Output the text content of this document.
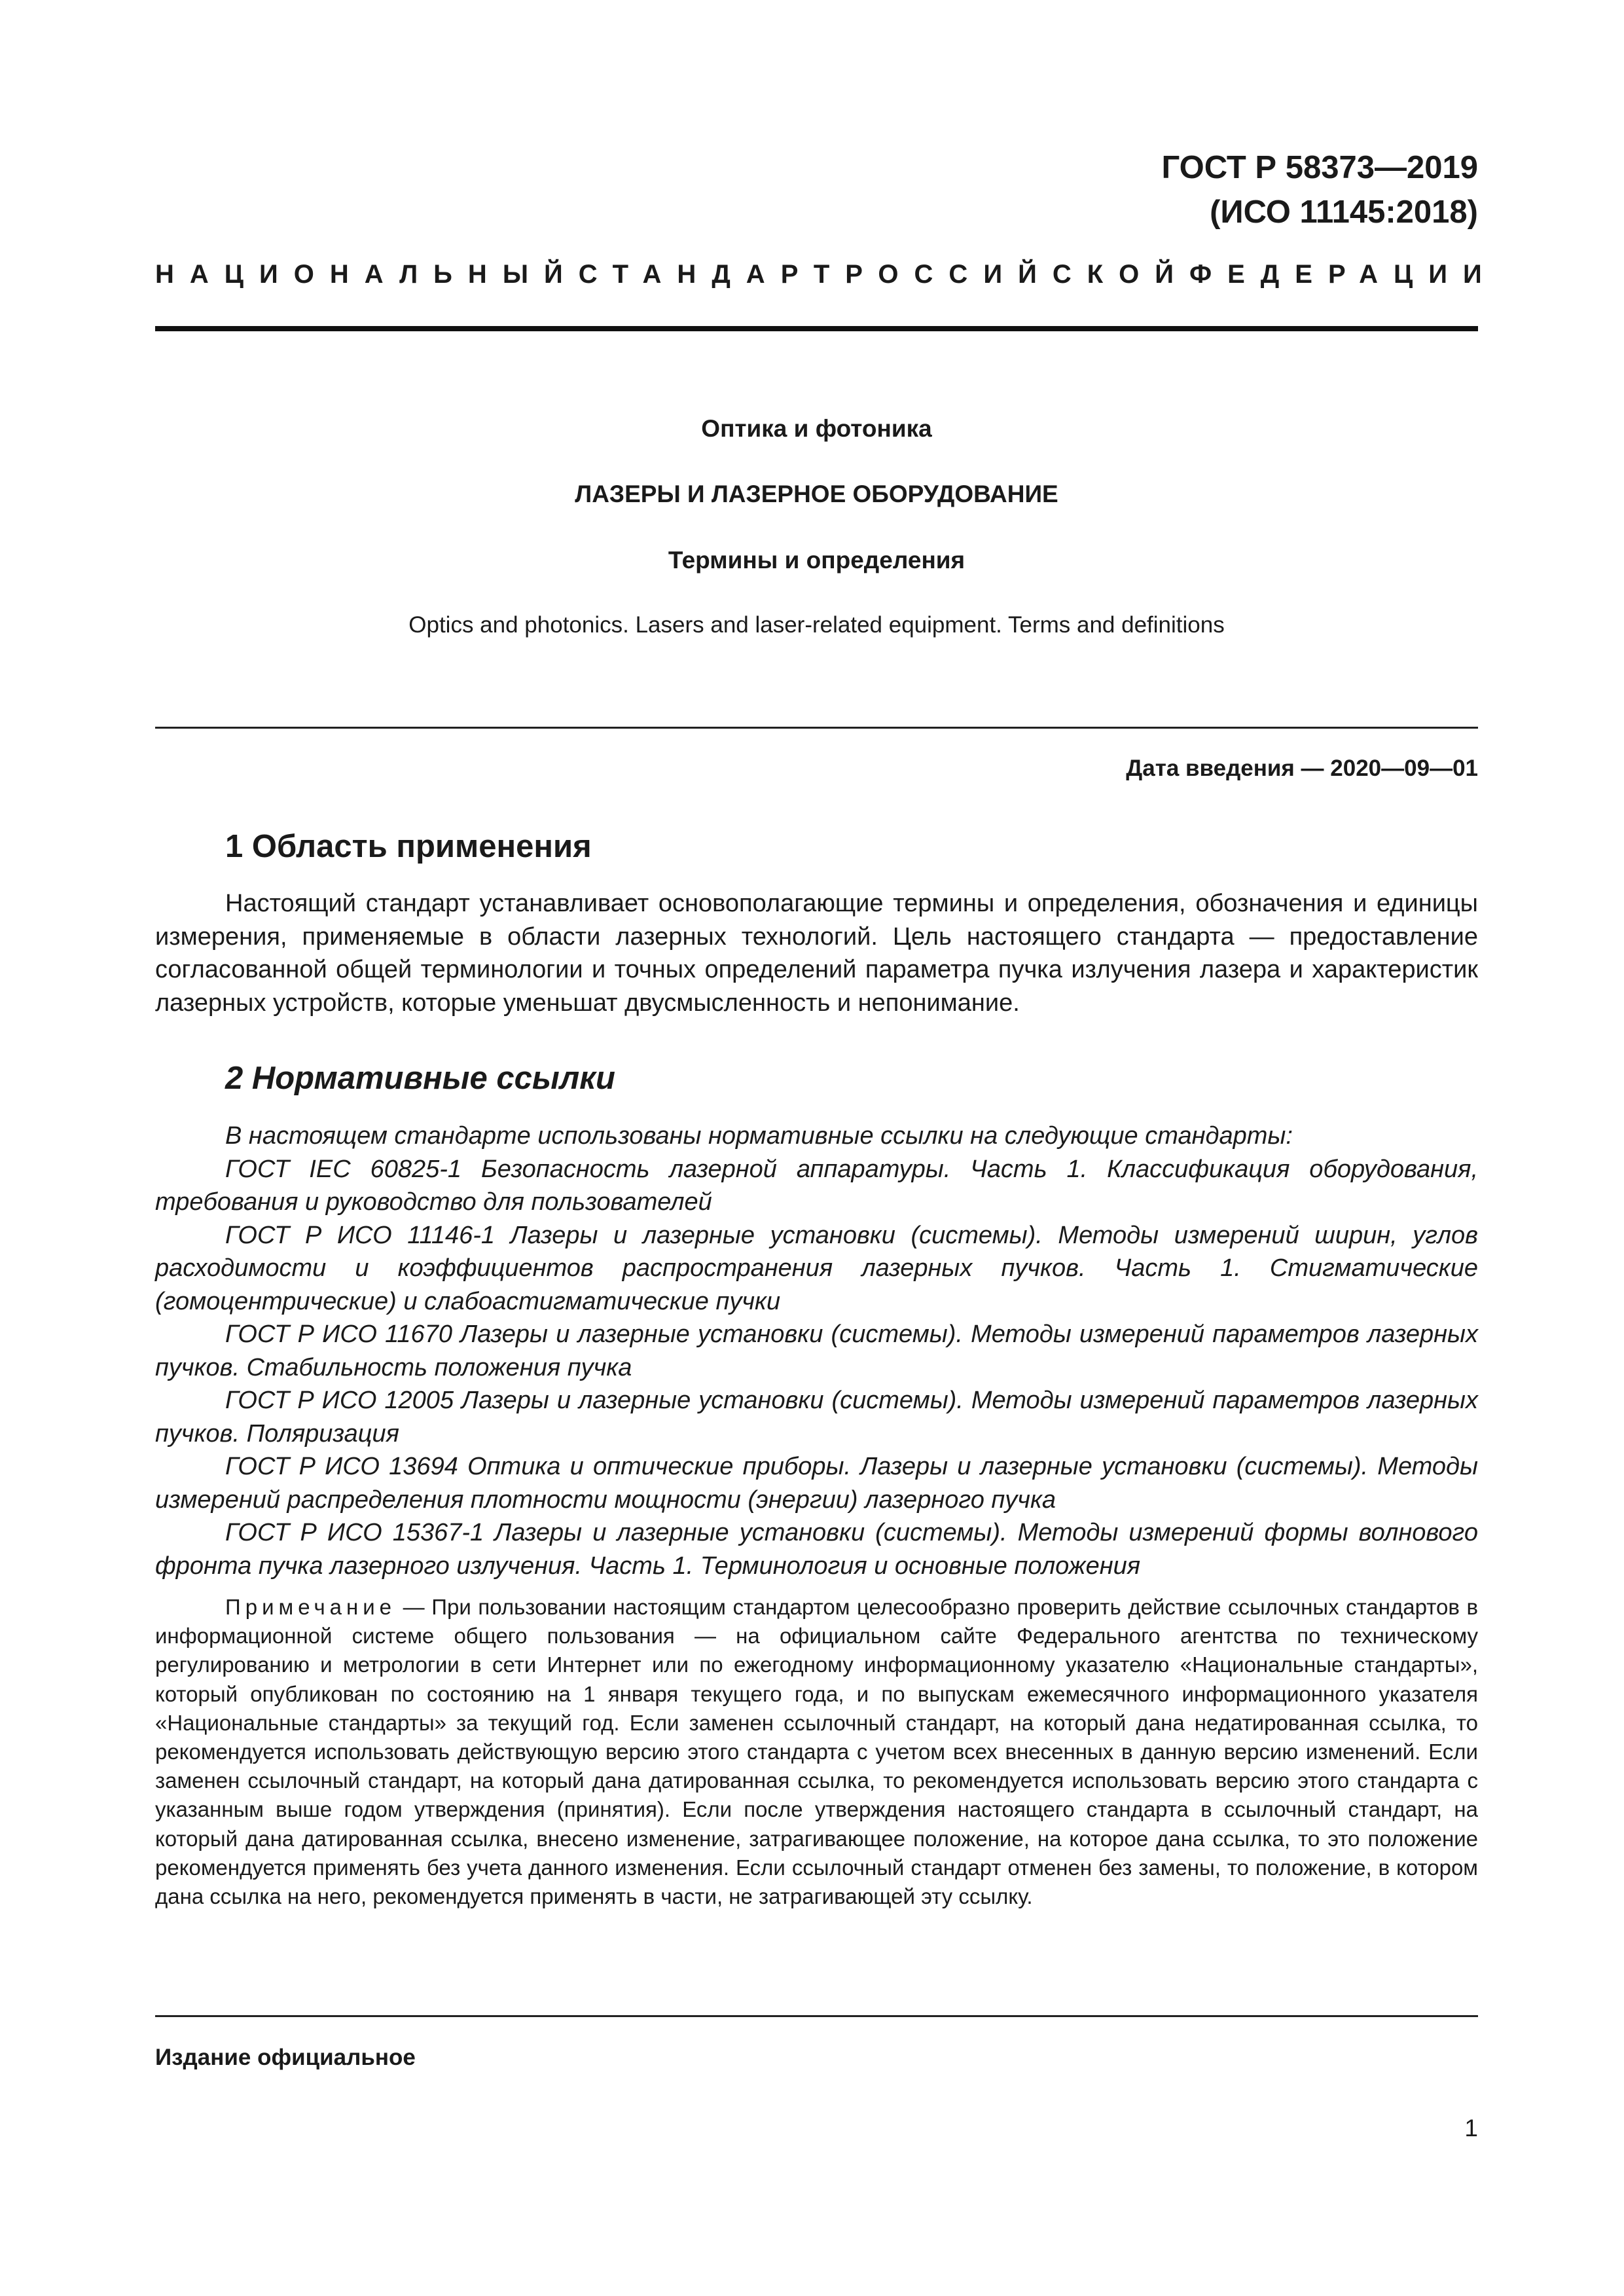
ГОСТ Р 58373—2019
(ИСО 11145:2018)
НАЦИОНАЛЬНЫЙ СТАНДАРТ РОССИЙСКОЙ ФЕДЕРАЦИИ
Оптика и фотоника
ЛАЗЕРЫ И ЛАЗЕРНОЕ ОБОРУДОВАНИЕ
Термины и определения
Optics and photonics. Lasers and laser-related equipment. Terms and definitions
Дата введения — 2020—09—01
1 Область применения

Настоящий стандарт устанавливает основополагающие термины и определения, обозначения и единицы измерения, применяемые в области лазерных технологий. Цель настоящего стандарта — предоставление согласованной общей терминологии и точных определений параметра пучка излучения лазера и характеристик лазерных устройств, которые уменьшат двусмысленность и непонимание.

2 Нормативные ссылки

В настоящем стандарте использованы нормативные ссылки на следующие стандарты:

ГОСТ IEC 60825-1 Безопасность лазерной аппаратуры. Часть 1. Классификация оборудования, требования и руководство для пользователей

ГОСТ Р ИСО 11146-1 Лазеры и лазерные установки (системы). Методы измерений ширин, углов расходимости и коэффициентов распространения лазерных пучков. Часть 1. Стигматические (гомоцентрические) и слабоастигматические пучки

ГОСТ Р ИСО 11670 Лазеры и лазерные установки (системы). Методы измерений параметров лазерных пучков. Стабильность положения пучка

ГОСТ Р ИСО 12005 Лазеры и лазерные установки (системы). Методы измерений параметров лазерных пучков. Поляризация

ГОСТ Р ИСО 13694 Оптика и оптические приборы. Лазеры и лазерные установки (системы). Методы измерений распределения плотности мощности (энергии) лазерного пучка

ГОСТ Р ИСО 15367-1 Лазеры и лазерные установки (системы). Методы измерений формы волнового фронта пучка лазерного излучения. Часть 1. Терминология и основные положения

Примечание — При пользовании настоящим стандартом целесообразно проверить действие ссылочных стандартов в информационной системе общего пользования — на официальном сайте Федерального агентства по техническому регулированию и метрологии в сети Интернет или по ежегодному информационному указателю «Национальные стандарты», который опубликован по состоянию на 1 января текущего года, и по выпускам ежемесячного информационного указателя «Национальные стандарты» за текущий год. Если заменен ссылочный стандарт, на который дана недатированная ссылка, то рекомендуется использовать действующую версию этого стандарта с учетом всех внесенных в данную версию изменений. Если заменен ссылочный стандарт, на который дана датированная ссылка, то рекомендуется использовать версию этого стандарта с указанным выше годом утверждения (принятия). Если после утверждения настоящего стандарта в ссылочный стандарт, на который дана датированная ссылка, внесено изменение, затрагивающее положение, на которое дана ссылка, то это положение рекомендуется применять без учета данного изменения. Если ссылочный стандарт отменен без замены, то положение, в котором дана ссылка на него, рекомендуется применять в части, не затрагивающей эту ссылку.

Издание официальное
1
